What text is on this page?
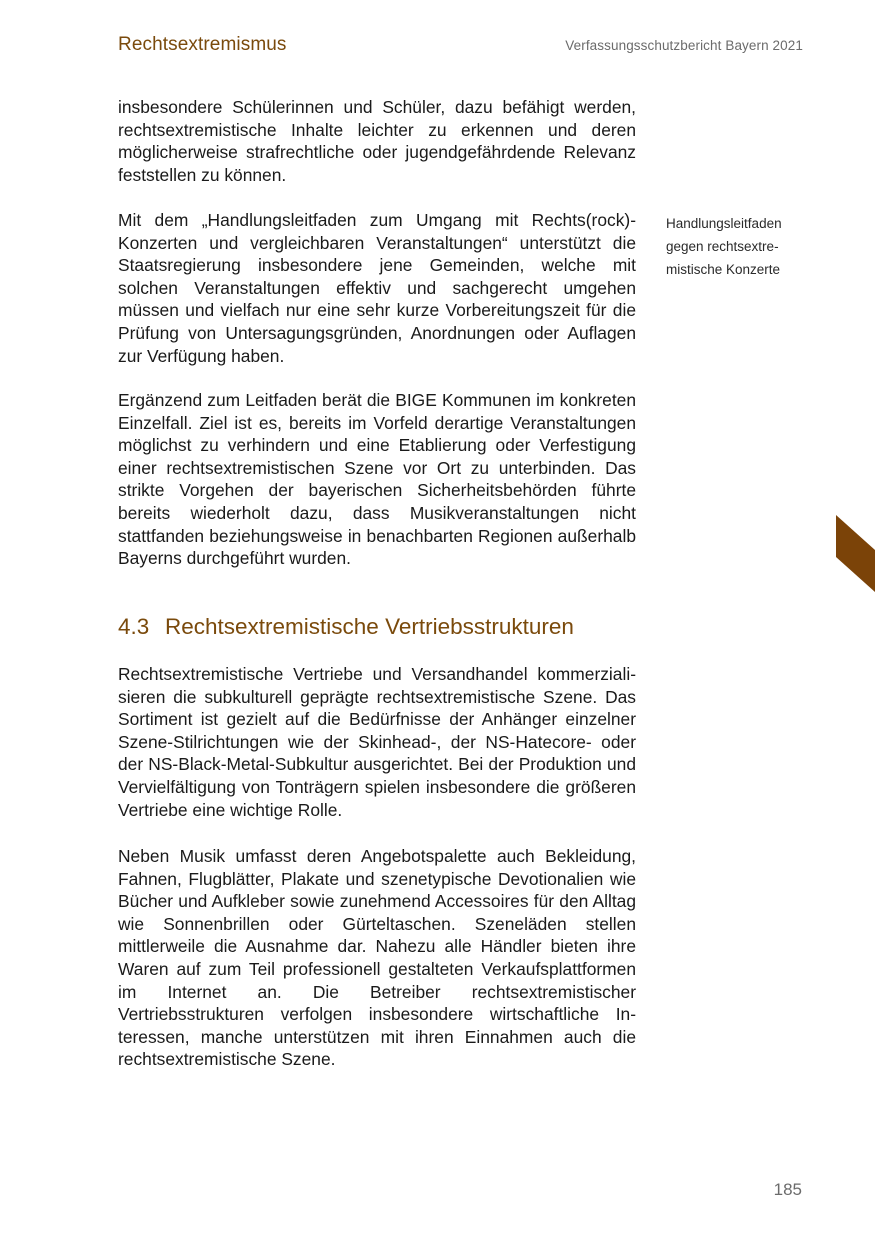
Rechtsextremismus	Verfassungsschutzbericht Bayern 2021

insbesondere Schülerinnen und Schüler, dazu befähigt werden, rechtsextremistische Inhalte leichter zu erkennen und deren möglicherweise strafrechtliche oder jugendgefährdende Relevanz feststellen zu können.

Mit dem „Handlungsleitfaden zum Umgang mit Rechts(rock)-Konzerten und vergleichbaren Veranstaltungen“ unterstützt die Staatsregierung insbesondere jene Gemeinden, welche mit solchen Veranstaltungen effektiv und sachgerecht umgehen müssen und vielfach nur eine sehr kurze Vorbereitungszeit für die Prüfung von Untersagungsgründen, Anordnungen oder Auflagen zur Verfügung haben.

Handlungsleitfaden
gegen rechtsextre-
mistische Konzerte

Ergänzend zum Leitfaden berät die BIGE Kommunen im konkreten Einzelfall. Ziel ist es, bereits im Vorfeld derartige Veranstaltungen möglichst zu verhindern und eine Etablierung oder Verfestigung einer rechtsextremistischen Szene vor Ort zu unterbinden. Das strikte Vorgehen der bayerischen Sicherheitsbehörden führte bereits wiederholt dazu, dass Musikveranstaltungen nicht stattfanden beziehungsweise in benachbarten Regionen außerhalb Bayerns durchgeführt wurden.

4.3 Rechtsextremistische Vertriebsstrukturen

Rechtsextremistische Vertriebe und Versandhandel kommerzialisieren die subkulturell geprägte rechtsextremistische Szene. Das Sortiment ist gezielt auf die Bedürfnisse der Anhänger einzelner Szene-Stilrichtungen wie der Skinhead-, der NS-Hatecore- oder der NS-Black-Metal-Subkultur ausgerichtet. Bei der Produktion und Vervielfältigung von Tonträgern spielen insbesondere die größeren Vertriebe eine wichtige Rolle.

Neben Musik umfasst deren Angebotspalette auch Bekleidung, Fahnen, Flugblätter, Plakate und szenetypische Devotionalien wie Bücher und Aufkleber sowie zunehmend Accessoires für den Alltag wie Sonnenbrillen oder Gürteltaschen. Szeneläden stellen mittlerweile die Ausnahme dar. Nahezu alle Händler bieten ihre Waren auf zum Teil professionell gestalteten Verkaufsplattformen im Internet an. Die Betreiber rechtsextremistischer Vertriebsstrukturen verfolgen insbesondere wirtschaftliche Interessen, manche unterstützen mit ihren Einnahmen auch die rechtsextremistische Szene.

185
